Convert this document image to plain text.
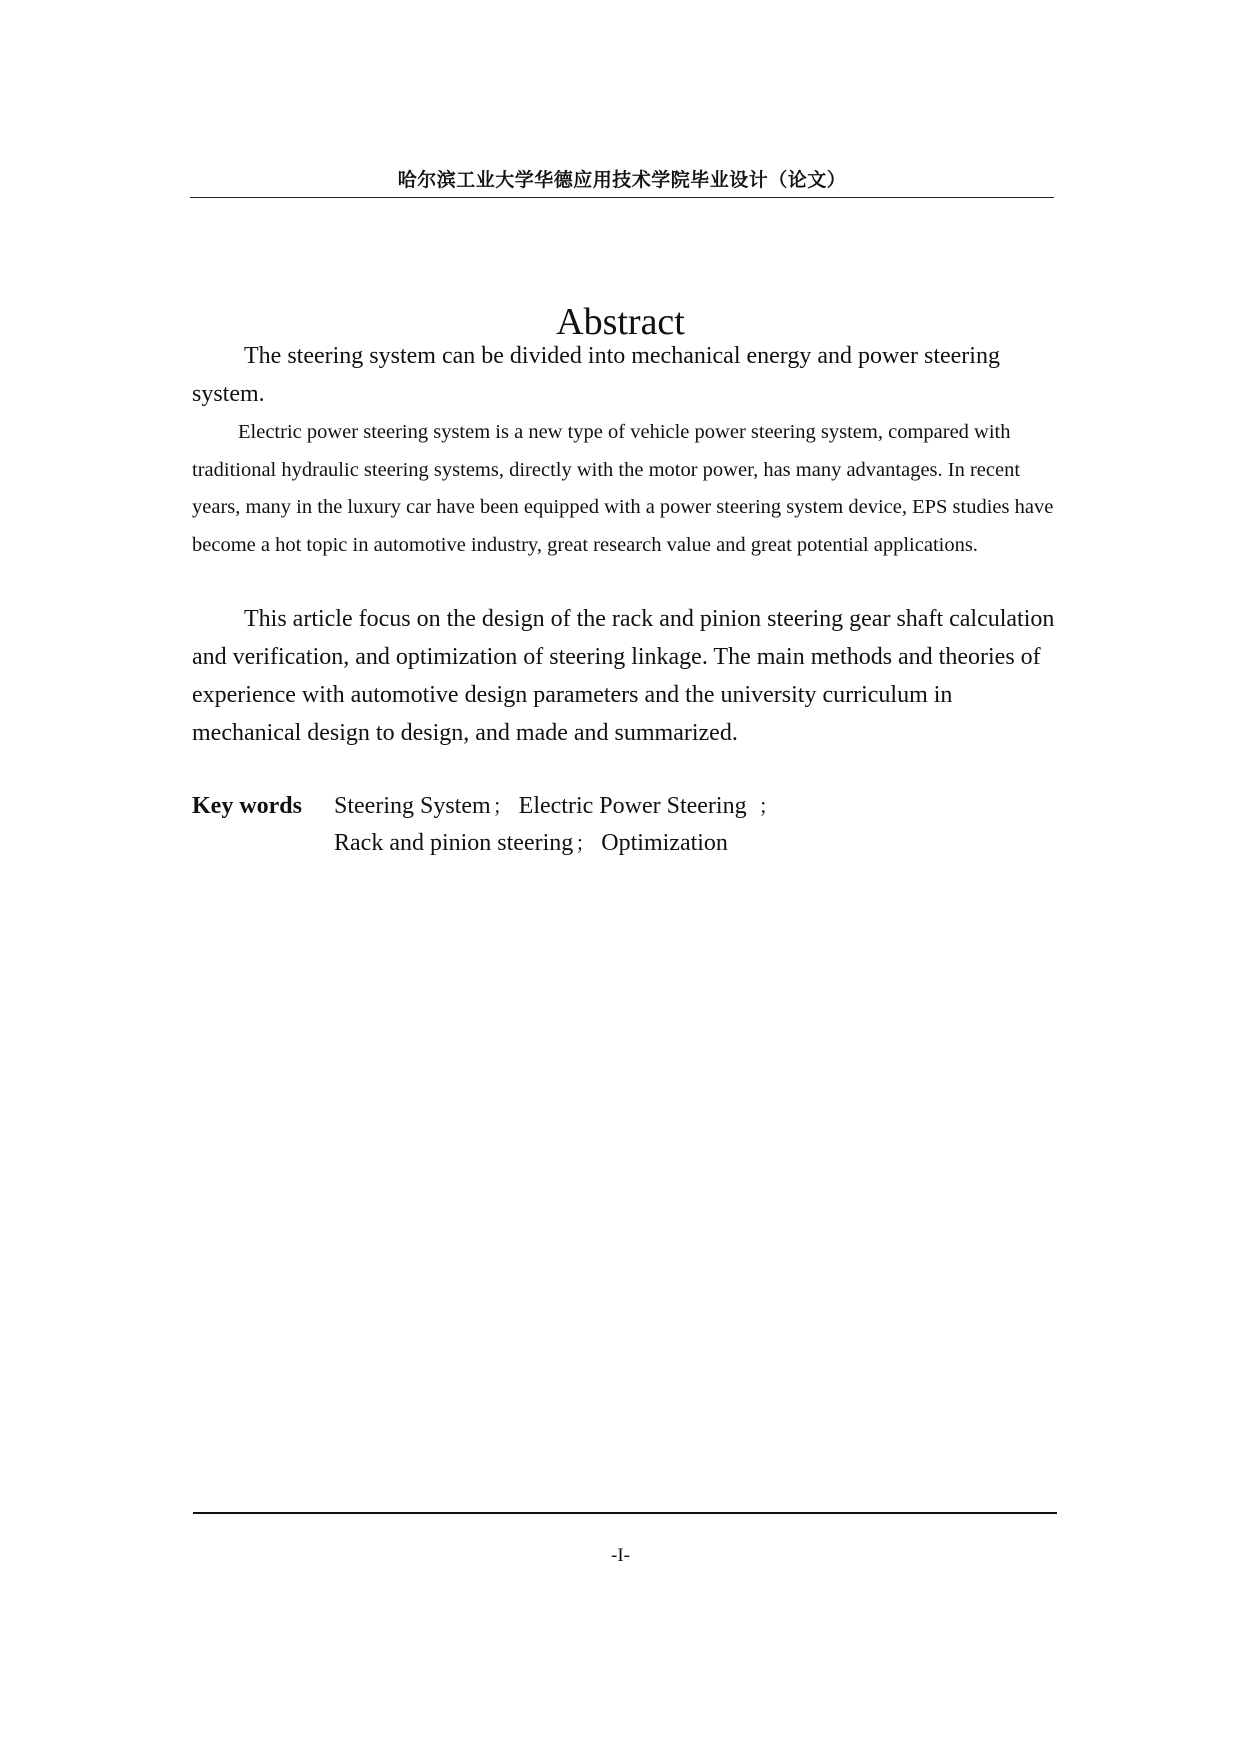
哈尔滨工业大学华德应用技术学院毕业设计（论文）
Abstract

The steering system can be divided into mechanical energy and power steering system.

Electric power steering system is a new type of vehicle power steering system, compared with traditional hydraulic steering systems, directly with the motor power, has many advantages. In recent years, many in the luxury car have been equipped with a power steering system device, EPS studies have become a hot topic in automotive industry, great research value and great potential applications.

This article focus on the design of the rack and pinion steering gear shaft calculation and verification, and optimization of steering linkage. The main methods and theories of experience with automotive design parameters and the university curriculum in mechanical design to design, and made and summarized.

Key words Steering System ； Electric Power Steering ；
Rack and pinion steering ； Optimization
-I-
